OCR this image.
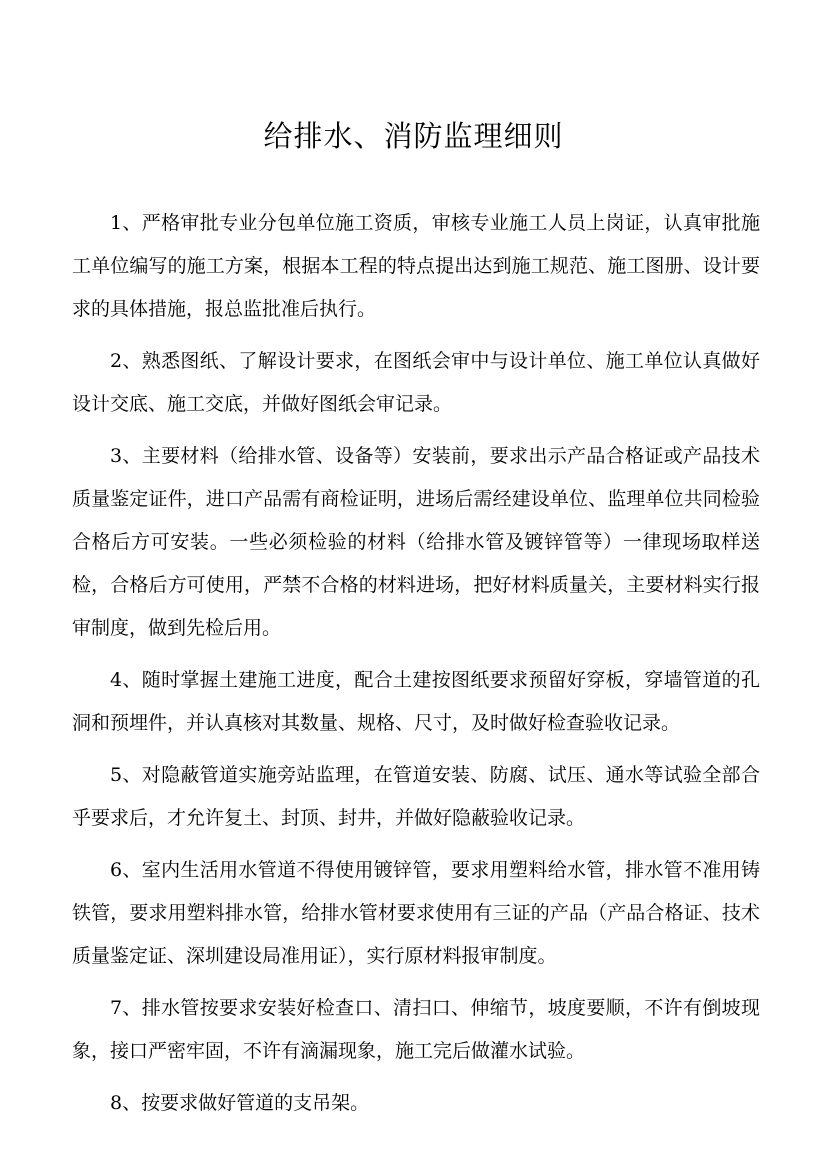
给排水、消防监理细则

1、严格审批专业分包单位施工资质，审核专业施工人员上岗证，认真审批施工单位编写的施工方案，根据本工程的特点提出达到施工规范、施工图册、设计要求的具体措施，报总监批准后执行。

2、熟悉图纸、了解设计要求，在图纸会审中与设计单位、施工单位认真做好设计交底、施工交底，并做好图纸会审记录。

3、主要材料（给排水管、设备等）安装前，要求出示产品合格证或产品技术质量鉴定证件，进口产品需有商检证明，进场后需经建设单位、监理单位共同检验合格后方可安装。一些必须检验的材料（给排水管及镀锌管等）一律现场取样送检，合格后方可使用，严禁不合格的材料进场，把好材料质量关，主要材料实行报审制度，做到先检后用。

4、随时掌握土建施工进度，配合土建按图纸要求预留好穿板，穿墙管道的孔洞和预埋件，并认真核对其数量、规格、尺寸，及时做好检查验收记录。

5、对隐蔽管道实施旁站监理，在管道安装、防腐、试压、通水等试验全部合乎要求后，才允许复土、封顶、封井，并做好隐蔽验收记录。

6、室内生活用水管道不得使用镀锌管，要求用塑料给水管，排水管不准用铸铁管，要求用塑料排水管，给排水管材要求使用有三证的产品（产品合格证、技术质量鉴定证、深圳建设局准用证），实行原材料报审制度。

7、排水管按要求安装好检查口、清扫口、伸缩节，坡度要顺，不许有倒坡现象，接口严密牢固，不许有滴漏现象，施工完后做灌水试验。

8、按要求做好管道的支吊架。
